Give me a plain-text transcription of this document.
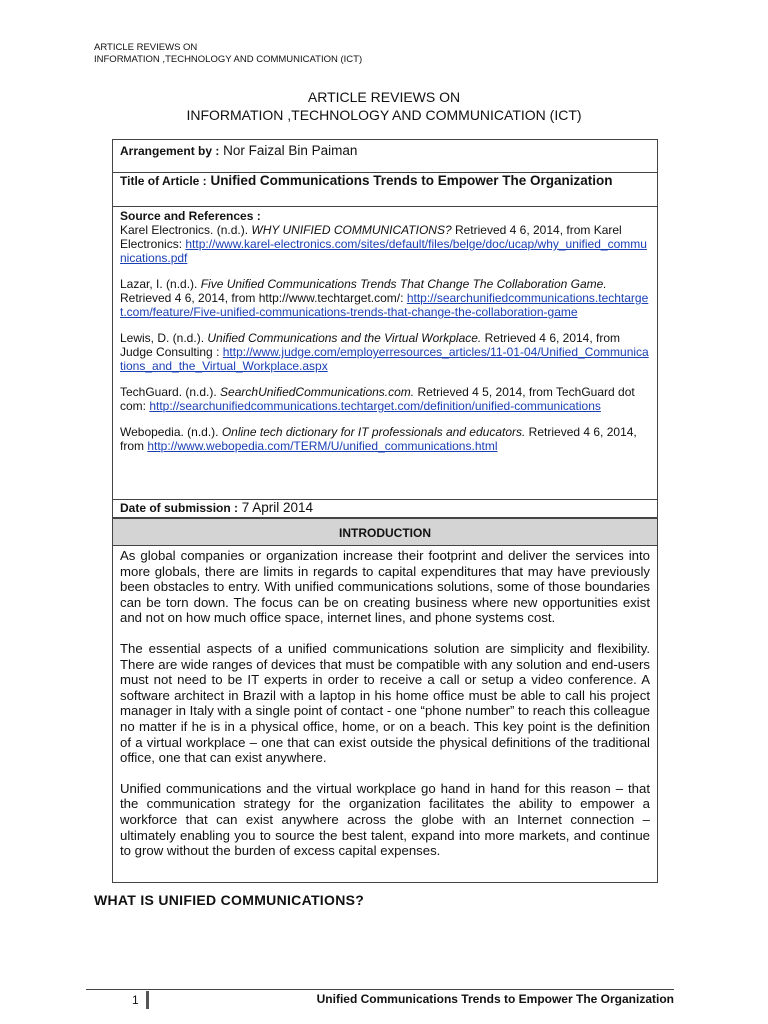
ARTICLE REVIEWS ON
INFORMATION ,TECHNOLOGY AND COMMUNICATION (ICT)
ARTICLE REVIEWS ON
INFORMATION ,TECHNOLOGY AND COMMUNICATION (ICT)
Arrangement by : Nor Faizal Bin Paiman
Title of Article : Unified Communications Trends to Empower The Organization
Source and References :
Karel Electronics. (n.d.). WHY UNIFIED COMMUNICATIONS? Retrieved 4 6, 2014, from Karel Electronics: http://www.karel-electronics.com/sites/default/files/belge/doc/ucap/why_unified_communications.pdf
Lazar, I. (n.d.). Five Unified Communications Trends That Change The Collaboration Game. Retrieved 4 6, 2014, from http://www.techtarget.com/: http://searchunifiedcommunications.techtarget.com/feature/Five-unified-communications-trends-that-change-the-collaboration-game
Lewis, D. (n.d.). Unified Communications and the Virtual Workplace. Retrieved 4 6, 2014, from Judge Consulting : http://www.judge.com/employerresources_articles/11-01-04/Unified_Communications_and_the_Virtual_Workplace.aspx
TechGuard. (n.d.). SearchUnifiedCommunications.com. Retrieved 4 5, 2014, from TechGuard dot com: http://searchunifiedcommunications.techtarget.com/definition/unified-communications
Webopedia. (n.d.). Online tech dictionary for IT professionals and educators. Retrieved 4 6, 2014, from http://www.webopedia.com/TERM/U/unified_communications.html
Date of submission : 7 April 2014
INTRODUCTION

As global companies or organization increase their footprint and deliver the services into more globals, there are limits in regards to capital expenditures that may have previously been obstacles to entry. With unified communications solutions, some of those boundaries can be torn down. The focus can be on creating business where new opportunities exist and not on how much office space, internet lines, and phone systems cost.

The essential aspects of a unified communications solution are simplicity and flexibility. There are wide ranges of devices that must be compatible with any solution and end-users must not need to be IT experts in order to receive a call or setup a video conference. A software architect in Brazil with a laptop in his home office must be able to call his project manager in Italy with a single point of contact - one “phone number” to reach this colleague no matter if he is in a physical office, home, or on a beach. This key point is the definition of a virtual workplace – one that can exist outside the physical definitions of the traditional office, one that can exist anywhere.

Unified communications and the virtual workplace go hand in hand for this reason – that the communication strategy for the organization facilitates the ability to empower a workforce that can exist anywhere across the globe with an Internet connection – ultimately enabling you to source the best talent, expand into more markets, and continue to grow without the burden of excess capital expenses.

WHAT IS UNIFIED COMMUNICATIONS?
1	Unified Communications Trends to Empower The Organization
